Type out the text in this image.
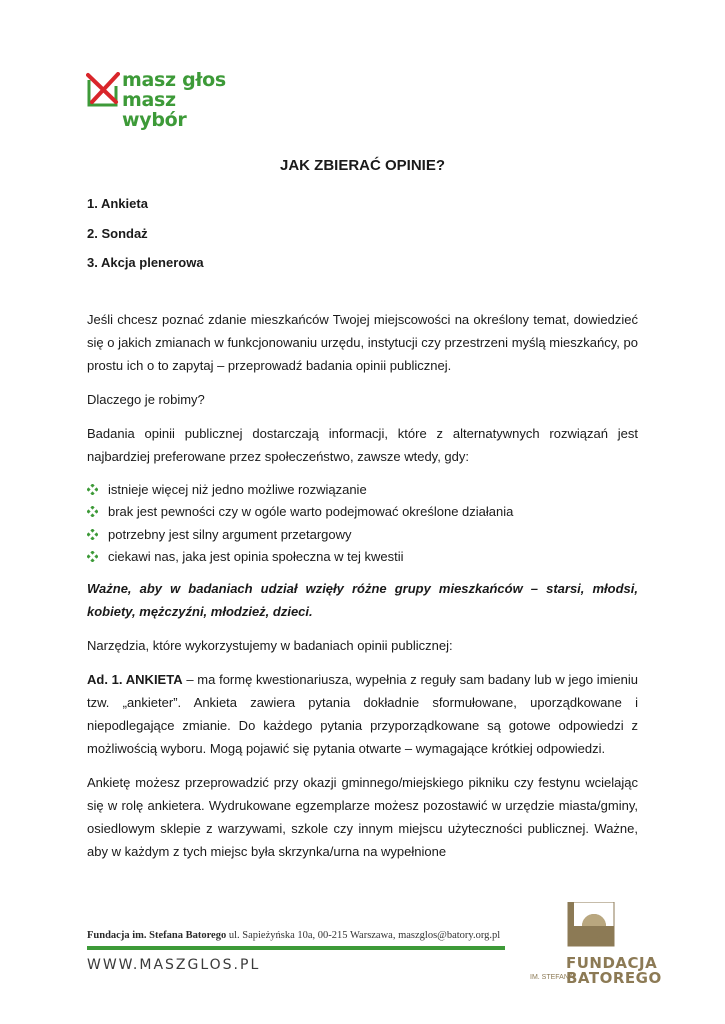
masz głos
masz wybór
JAK ZBIERAĆ OPINIE?
1. Ankieta
2. Sondaż
3. Akcja plenerowa

Jeśli chcesz poznać zdanie mieszkańców Twojej miejscowości na określony temat, dowiedzieć się o jakich zmianach w funkcjonowaniu urzędu, instytucji czy przestrzeni myślą mieszkańcy, po prostu ich o to zapytaj – przeprowadź badania opinii publicznej.

Dlaczego je robimy?

Badania opinii publicznej dostarczają informacji, które z alternatywnych rozwiązań jest najbardziej preferowane przez społeczeństwo, zawsze wtedy, gdy:

istnieje więcej niż jedno możliwe rozwiązanie
brak jest pewności czy w ogóle warto podejmować określone działania
potrzebny jest silny argument przetargowy
ciekawi nas, jaka jest opinia społeczna w tej kwestii

Ważne, aby w badaniach udział wzięły różne grupy mieszkańców – starsi, młodsi, kobiety, mężczyźni, młodzież, dzieci.

Narzędzia, które wykorzystujemy w badaniach opinii publicznej:

Ad. 1. ANKIETA – ma formę kwestionariusza, wypełnia z reguły sam badany lub w jego imieniu tzw. „ankieter”. Ankieta zawiera pytania dokładnie sformułowane, uporządkowane i niepodlegające zmianie. Do każdego pytania przyporządkowane są gotowe odpowiedzi z możliwością wyboru. Mogą pojawić się pytania otwarte – wymagające krótkiej odpowiedzi.

Ankietę możesz przeprowadzić przy okazji gminnego/miejskiego pikniku czy festynu wcielając się w rolę ankietera. Wydrukowane egzemplarze możesz pozostawić w urzędzie miasta/gminy, osiedlowym sklepie z warzywami, szkole czy innym miejscu użyteczności publicznej. Ważne, aby w każdym z tych miejsc była skrzynka/urna na wypełnione

Fundacja im. Stefana Batorego ul. Sapieżyńska 10a, 00-215 Warszawa, maszglos@batory.org.pl
WWW.MASZGLOS.PL	FUNDACJA
IM. STEFANA
BATOREGO
